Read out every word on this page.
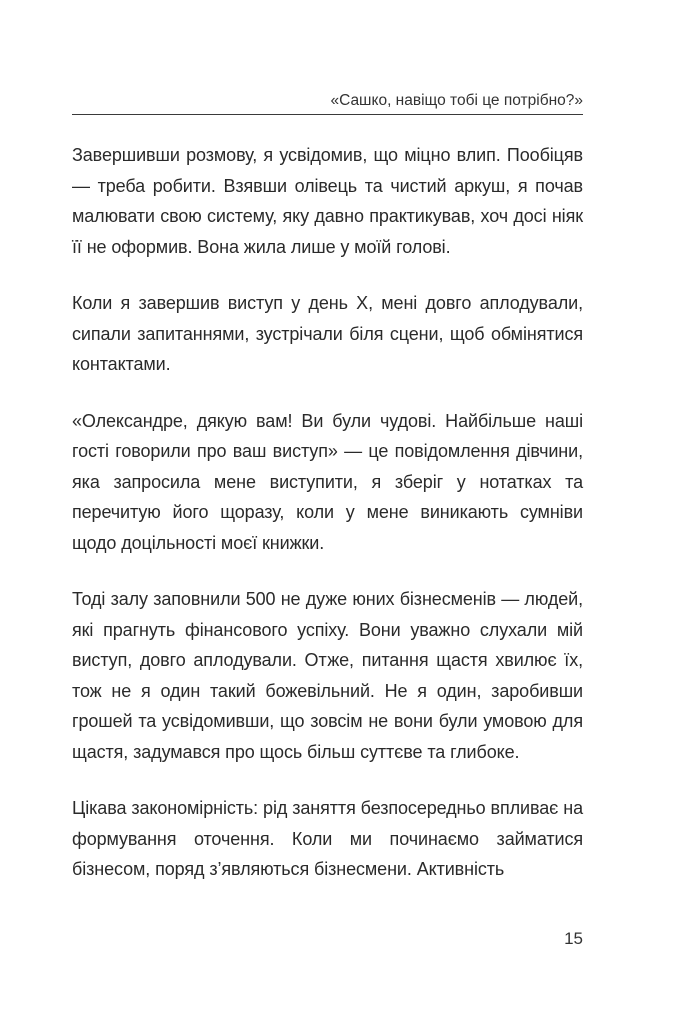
«Сашко, навіщо тобі це потрібно?»

Завершивши розмову, я усвідомив, що міцно влип. Пообіцяв — треба робити. Взявши олівець та чистий аркуш, я почав малювати свою систему, яку давно практикував, хоч досі ніяк її не оформив. Вона жила лише у моїй голові.

Коли я завершив виступ у день Х, мені довго аплодували, сипали запитаннями, зустрічали біля сцени, щоб обмінятися контактами.

«Олександре, дякую вам! Ви були чудові. Найбільше наші гості говорили про ваш виступ» — це повідомлення дівчини, яка запросила мене виступити, я зберіг у нотатках та перечитую його щоразу, коли у мене виникають сумніви щодо доцільності моєї книжки.

Тоді залу заповнили 500 не дуже юних бізнесменів — людей, які прагнуть фінансового успіху. Вони уважно слухали мій виступ, довго аплодували. Отже, питання щастя хвилює їх, тож не я один такий божевільний. Не я один, заробивши грошей та усвідомивши, що зовсім не вони були умовою для щастя, задумався про щось більш суттєве та глибоке.

Цікава закономірність: рід заняття безпосередньо впливає на формування оточення. Коли ми починаємо займатися бізнесом, поряд з’являються бізнесмени. Активність

15
